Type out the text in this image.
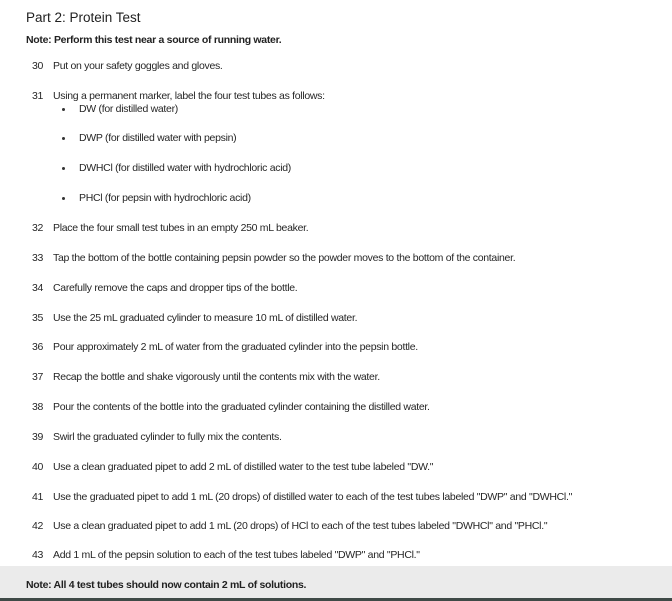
Part 2: Protein Test
Note: Perform this test near a source of running water.
30 Put on your safety goggles and gloves.
31 Using a permanent marker, label the four test tubes as follows:
DW (for distilled water)
DWP (for distilled water with pepsin)
DWHCl (for distilled water with hydrochloric acid)
PHCl (for pepsin with hydrochloric acid)
32 Place the four small test tubes in an empty 250 mL beaker.
33 Tap the bottom of the bottle containing pepsin powder so the powder moves to the bottom of the container.
34 Carefully remove the caps and dropper tips of the bottle.
35 Use the 25 mL graduated cylinder to measure 10 mL of distilled water.
36 Pour approximately 2 mL of water from the graduated cylinder into the pepsin bottle.
37 Recap the bottle and shake vigorously until the contents mix with the water.
38 Pour the contents of the bottle into the graduated cylinder containing the distilled water.
39 Swirl the graduated cylinder to fully mix the contents.
40 Use a clean graduated pipet to add 2 mL of distilled water to the test tube labeled "DW."
41 Use the graduated pipet to add 1 mL (20 drops) of distilled water to each of the test tubes labeled "DWP" and "DWHCl."
42 Use a clean graduated pipet to add 1 mL (20 drops) of HCl to each of the test tubes labeled "DWHCl" and "PHCl."
43 Add 1 mL of the pepsin solution to each of the test tubes labeled "DWP" and "PHCl."
Note: All 4 test tubes should now contain 2 mL of solutions.
